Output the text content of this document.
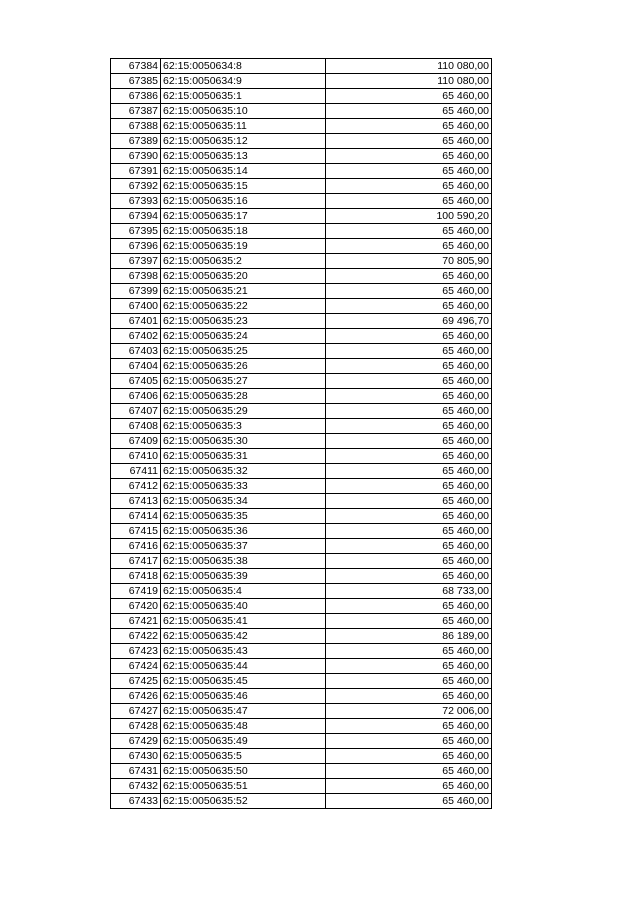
67384	62:15:0050634:8	110 080,00
67385	62:15:0050634:9	110 080,00
67386	62:15:0050635:1	65 460,00
67387	62:15:0050635:10	65 460,00
67388	62:15:0050635:11	65 460,00
67389	62:15:0050635:12	65 460,00
67390	62:15:0050635:13	65 460,00
67391	62:15:0050635:14	65 460,00
67392	62:15:0050635:15	65 460,00
67393	62:15:0050635:16	65 460,00
67394	62:15:0050635:17	100 590,20
67395	62:15:0050635:18	65 460,00
67396	62:15:0050635:19	65 460,00
67397	62:15:0050635:2	70 805,90
67398	62:15:0050635:20	65 460,00
67399	62:15:0050635:21	65 460,00
67400	62:15:0050635:22	65 460,00
67401	62:15:0050635:23	69 496,70
67402	62:15:0050635:24	65 460,00
67403	62:15:0050635:25	65 460,00
67404	62:15:0050635:26	65 460,00
67405	62:15:0050635:27	65 460,00
67406	62:15:0050635:28	65 460,00
67407	62:15:0050635:29	65 460,00
67408	62:15:0050635:3	65 460,00
67409	62:15:0050635:30	65 460,00
67410	62:15:0050635:31	65 460,00
67411	62:15:0050635:32	65 460,00
67412	62:15:0050635:33	65 460,00
67413	62:15:0050635:34	65 460,00
67414	62:15:0050635:35	65 460,00
67415	62:15:0050635:36	65 460,00
67416	62:15:0050635:37	65 460,00
67417	62:15:0050635:38	65 460,00
67418	62:15:0050635:39	65 460,00
67419	62:15:0050635:4	68 733,00
67420	62:15:0050635:40	65 460,00
67421	62:15:0050635:41	65 460,00
67422	62:15:0050635:42	86 189,00
67423	62:15:0050635:43	65 460,00
67424	62:15:0050635:44	65 460,00
67425	62:15:0050635:45	65 460,00
67426	62:15:0050635:46	65 460,00
67427	62:15:0050635:47	72 006,00
67428	62:15:0050635:48	65 460,00
67429	62:15:0050635:49	65 460,00
67430	62:15:0050635:5	65 460,00
67431	62:15:0050635:50	65 460,00
67432	62:15:0050635:51	65 460,00
67433	62:15:0050635:52	65 460,00
